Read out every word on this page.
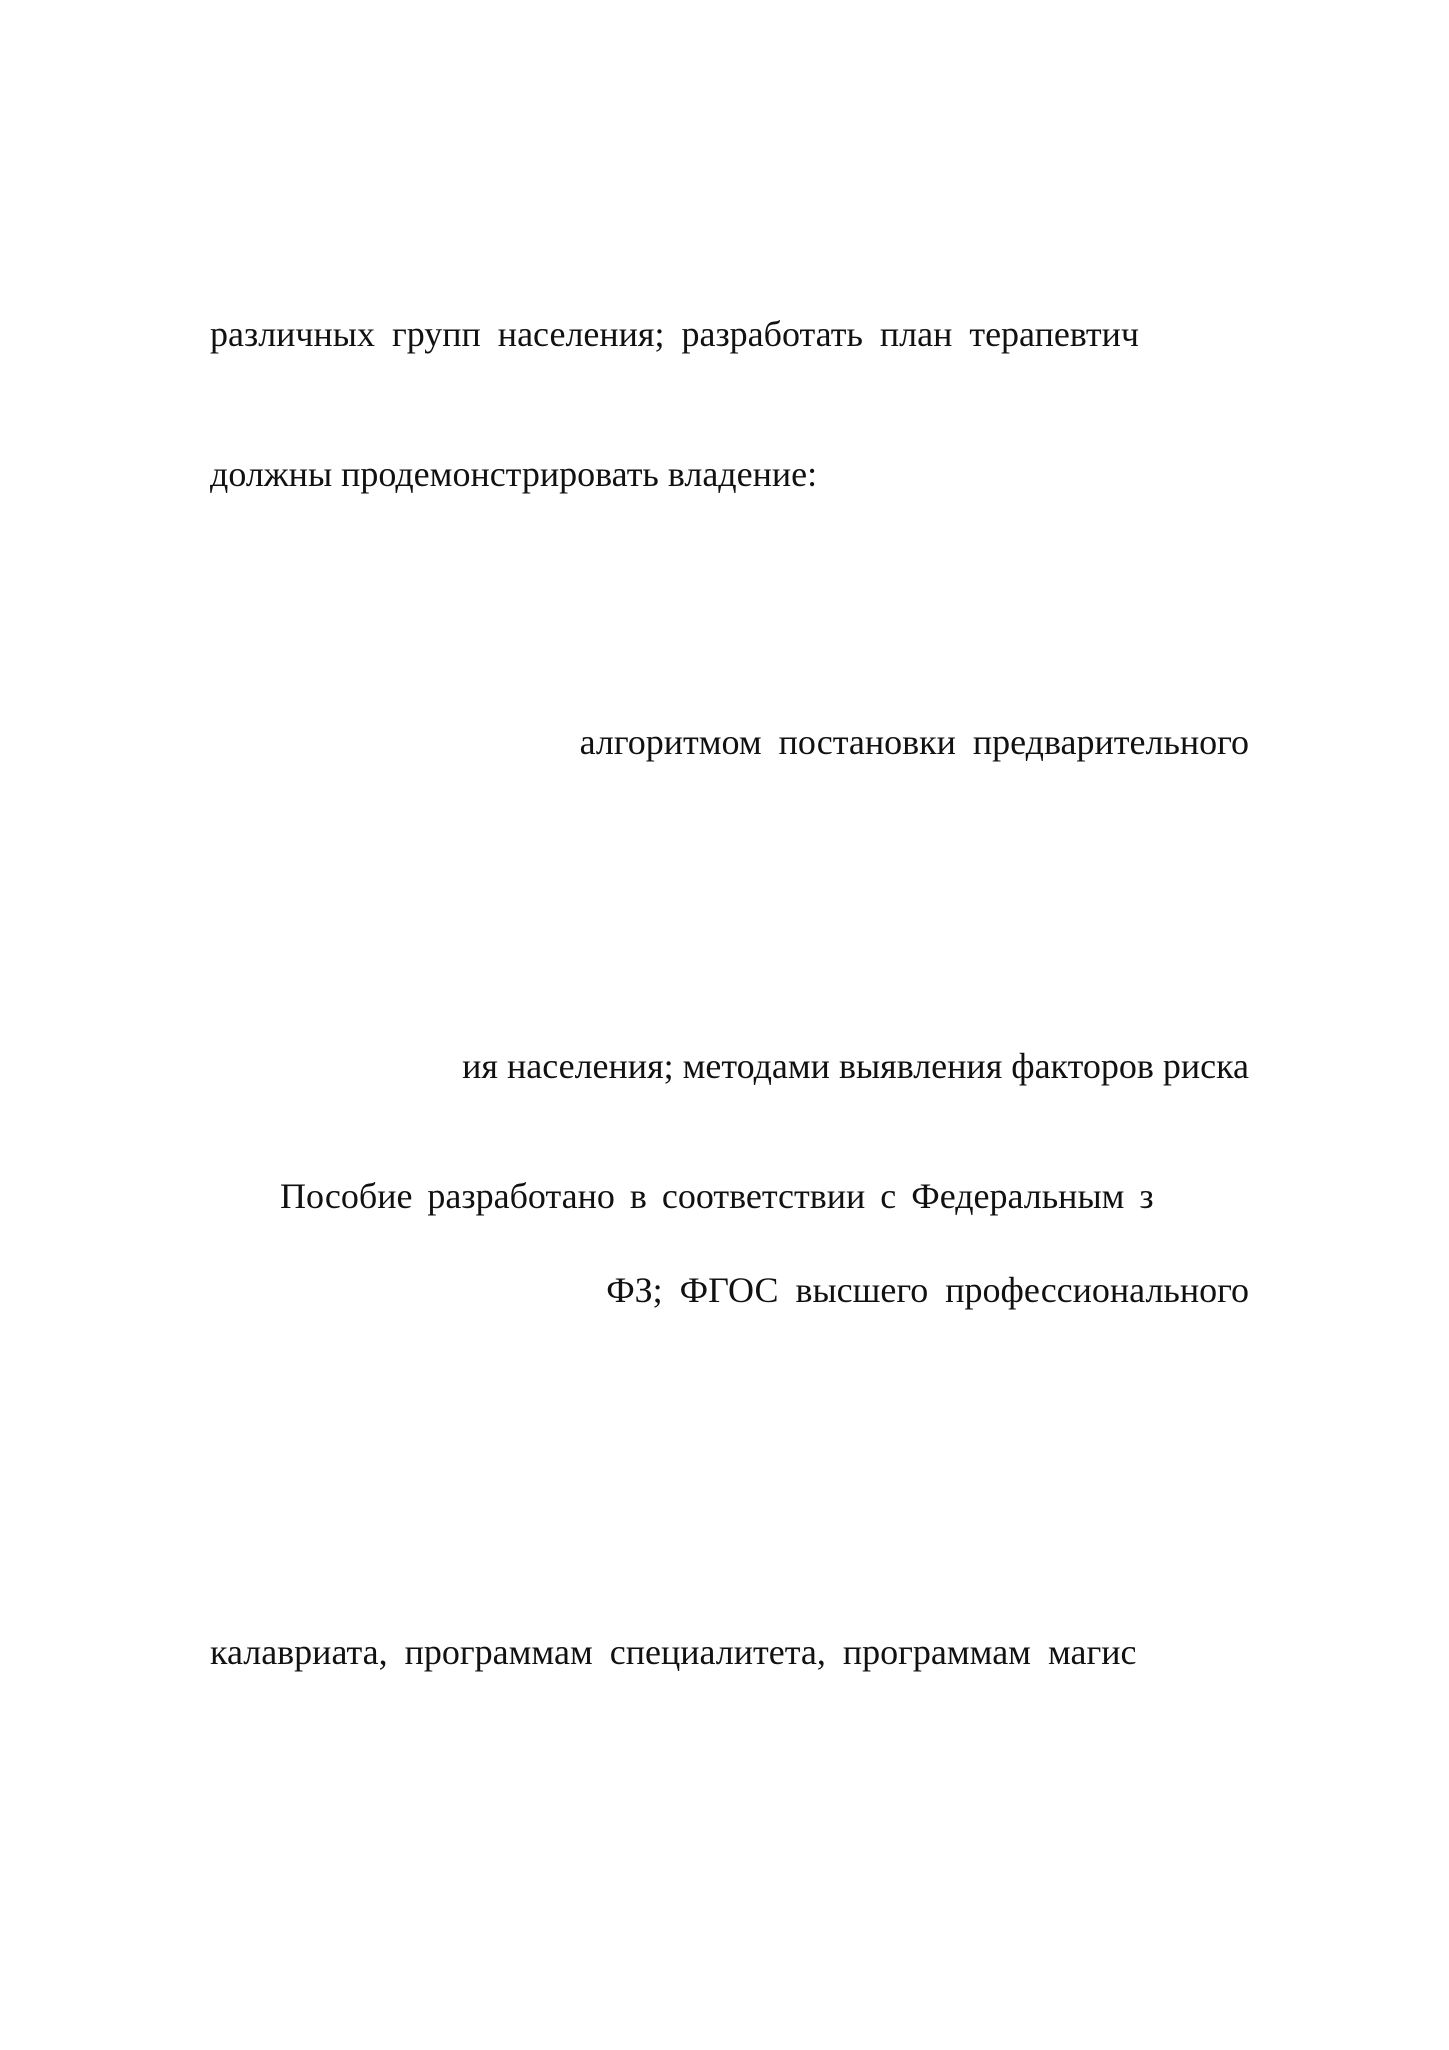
различных групп населения; разработать план терапевтич

должны продемонстрировать владение:

алгоритмом постановки предварительного

ия населения; методами выявления факторов риска

Пособие разработано в соответствии с Федеральным з

ФЗ; ФГОС высшего профессионального

калавриата, программам специалитета, программам магис
